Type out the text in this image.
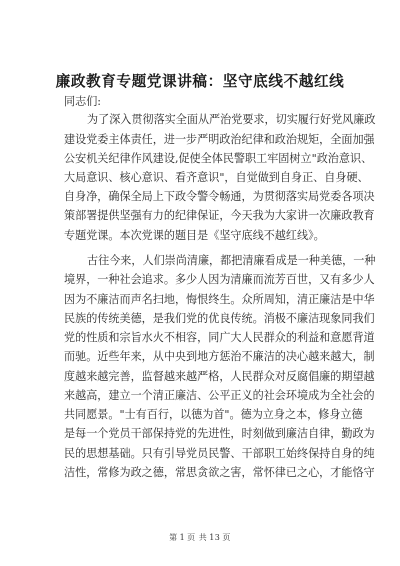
廉政教育专题党课讲稿：坚守底线不越红线
同志们:
为了深入贯彻落实全面从严治党要求，切实履行好党风廉政
建设党委主体责任，进一步严明政治纪律和政治规矩，全面加强
公安机关纪律作风建设,促使全体民警职工牢固树立"政治意识、
大局意识、核心意识、看齐意识"，自觉做到自身正、自身硬、
自身净，确保全局上下政令警令畅通，为贯彻落实局党委各项决
策部署提供坚强有力的纪律保证，今天我为大家讲一次廉政教育
专题党课。本次党课的题目是《坚守底线不越红线》。
古往今来，人们崇尚清廉，都把清廉看成是一种美德，一种
境界，一种社会追求。多少人因为清廉而流芳百世，又有多少人
因为不廉洁而声名扫地，悔恨终生。众所周知，清正廉洁是中华
民族的传统美德，是我们党的优良传统。消极不廉洁现象同我们
党的性质和宗旨水火不相容，同广大人民群众的利益和意愿背道
而驰。近些年来，从中央到地方惩治不廉洁的决心越来越大，制
度越来越完善，监督越来越严格，人民群众对反腐倡廉的期望越
来越高，建立一个清正廉洁、公平正义的社会环境成为全社会的
共同愿景。"士有百行，以德为首"。德为立身之本，修身立德
是每一个党员干部保持党的先进性，时刻做到廉洁自律，勤政为
民的思想基础。只有引导党员民警、干部职工始终保持自身的纯
洁性，常修为政之德，常思贪欲之害，常怀律已之心，才能恪守
第 1 页 共 13 页
